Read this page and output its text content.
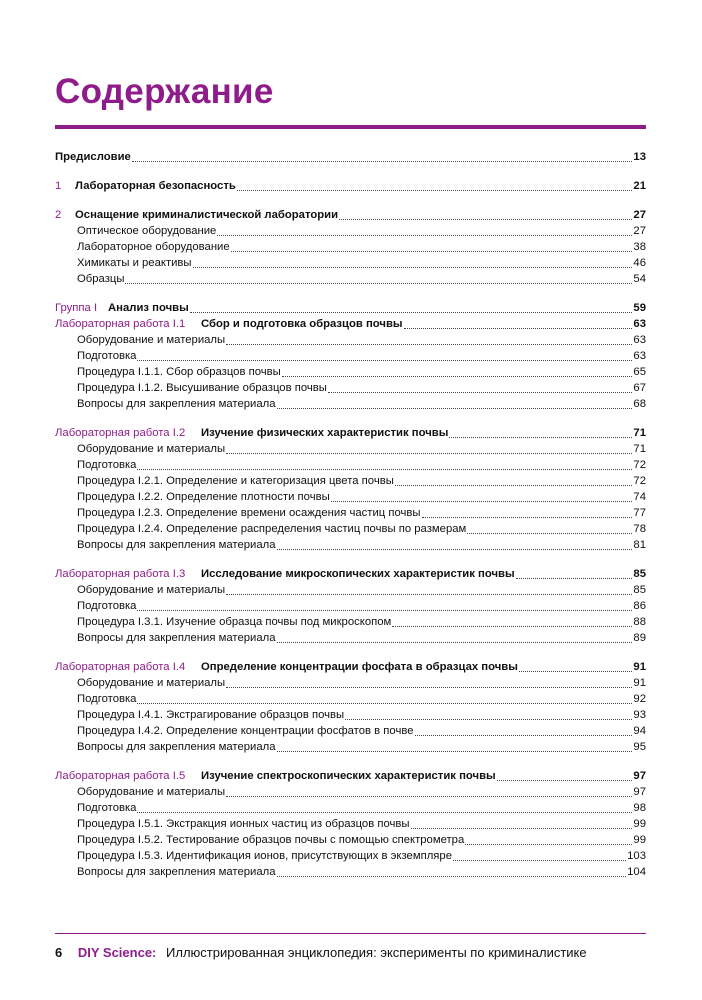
Содержание
Предисловие	13
1	Лабораторная безопасность	21
2	Оснащение криминалистической лаборатории	27
Оптическое оборудование	27
Лабораторное оборудование	38
Химикаты и реактивы	46
Образцы	54
Группа I Анализ почвы	59
Лабораторная работа I.1	Сбор и подготовка образцов почвы	63
Оборудование и материалы	63
Подготовка	63
Процедура I.1.1. Сбор образцов почвы	65
Процедура I.1.2. Высушивание образцов почвы	67
Вопросы для закрепления материала	68
Лабораторная работа I.2	Изучение физических характеристик почвы	71
Оборудование и материалы	71
Подготовка	72
Процедура I.2.1. Определение и категоризация цвета почвы	72
Процедура I.2.2. Определение плотности почвы	74
Процедура I.2.3. Определение времени осаждения частиц почвы	77
Процедура I.2.4. Определение распределения частиц почвы по размерам	78
Вопросы для закрепления материала	81
Лабораторная работа I.3	Исследование микроскопических характеристик почвы	85
Оборудование и материалы	85
Подготовка	86
Процедура I.3.1. Изучение образца почвы под микроскопом	88
Вопросы для закрепления материала	89
Лабораторная работа I.4	Определение концентрации фосфата в образцах почвы	91
Оборудование и материалы	91
Подготовка	92
Процедура I.4.1. Экстрагирование образцов почвы	93
Процедура I.4.2. Определение концентрации фосфатов в почве	94
Вопросы для закрепления материала	95
Лабораторная работа I.5	Изучение спектроскопических характеристик почвы	97
Оборудование и материалы	97
Подготовка	98
Процедура I.5.1. Экстракция ионных частиц из образцов почвы	99
Процедура I.5.2. Тестирование образцов почвы с помощью спектрометра	99
Процедура I.5.3. Идентификация ионов, присутствующих в экземпляре	103
Вопросы для закрепления материала	104
6 DIY Science: Иллюстрированная энциклопедия: эксперименты по криминалистике
